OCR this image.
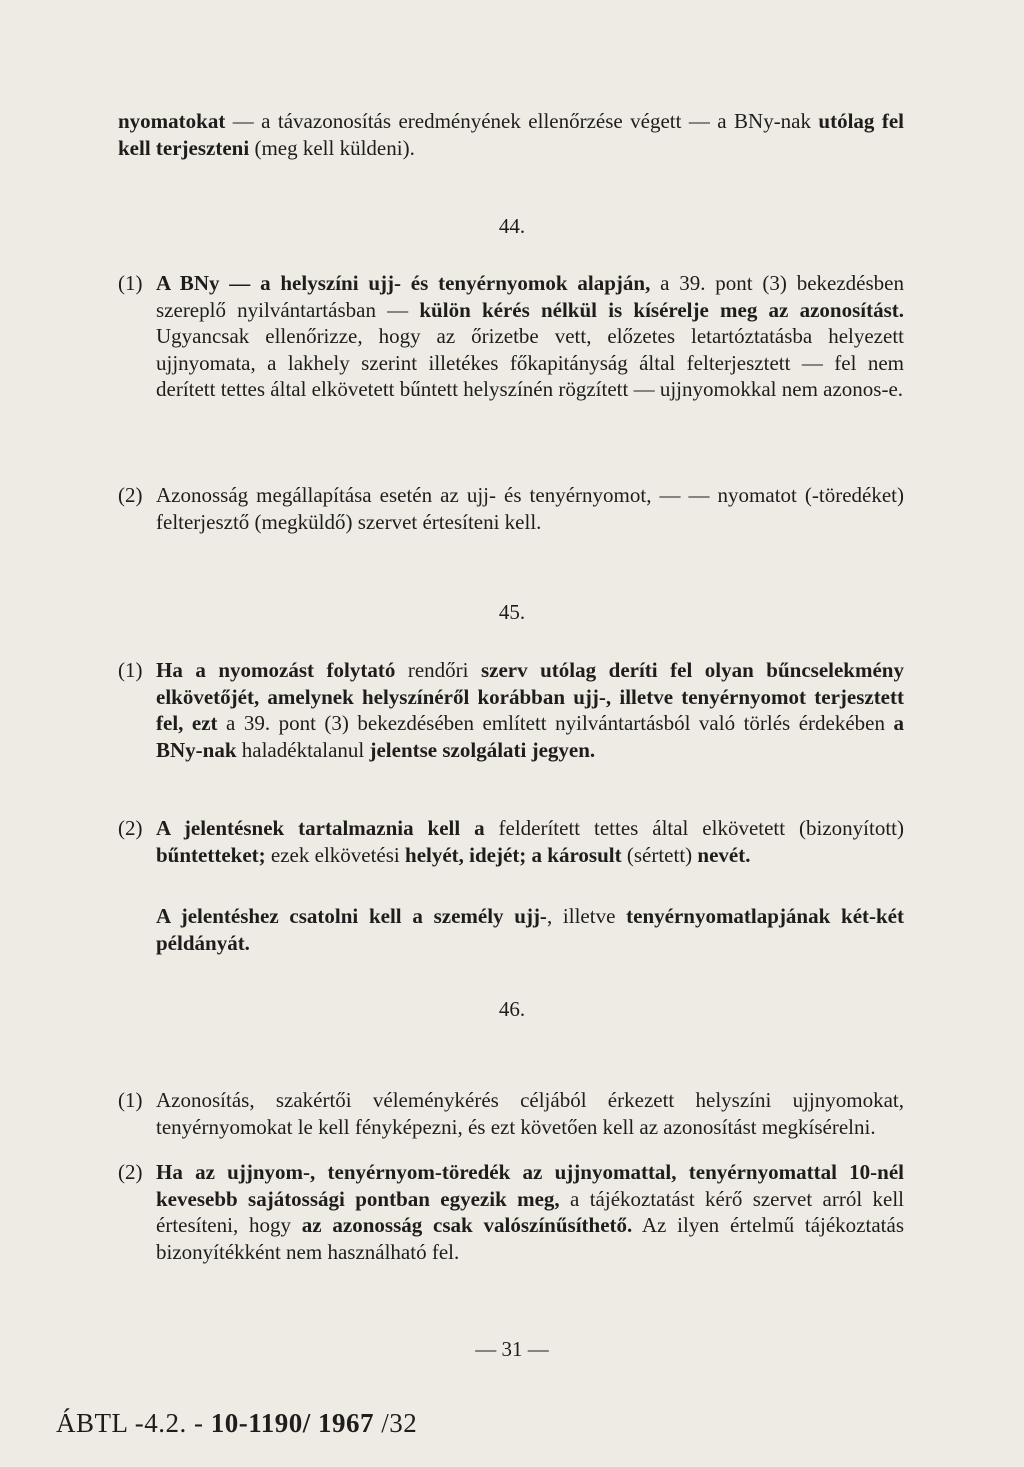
nyomatokat — a távazonosítás eredményének ellenőrzése végett — a BNy-nak utólag fel kell terjeszteni (meg kell küldeni).
44.
(1) A BNy — a helyszíni ujj- és tenyérnyomok alapján, a 39. pont (3) bekezdésben szereplő nyilvántartásban — külön kérés nélkül is kísérelje meg az azonosítást. Ugyancsak ellenőrizze, hogy az őrizetbe vett, előzetes letartóztatásba helyezett ujjnyomata, a lakhely szerint illetékes főkapitányság által felterjesztett — fel nem derített tettes által elkövetett bűntett helyszínén rögzített — ujjnyomokkal nem azonos-e.
(2) Azonosság megállapítása esetén az ujj- és tenyérnyomot, — — nyomatot (-töredéket) felterjesztő (megküldő) szervet értesíteni kell.
45.
(1) Ha a nyomozást folytató rendőri szerv utólag deríti fel olyan bűncselekmény elkövetőjét, amelynek helyszínéről korábban ujj-, illetve tenyérnyomot terjesztett fel, ezt a 39. pont (3) bekezdésében említett nyilvántartásból való törlés érdekében a BNy-nak haladéktalanul jelentse szolgálati jegyen.
(2) A jelentésnek tartalmaznia kell a felderített tettes által elkövetett (bizonyított) bűntetteket; ezek elkövetési helyét, idejét; a károsult (sértett) nevét.
A jelentéshez csatolni kell a személy ujj-, illetve tenyérnyomatlapjának két-két példányát.
46.
(1) Azonosítás, szakértői véleménykérés céljából érkezett helyszíni ujjnyomokat, tenyérnyomokat le kell fényképezni, és ezt követően kell az azonosítást megkísérelni.
(2) Ha az ujjnyom-, tenyérnyom-töredék az ujjnyomattal, tenyérnyomattal 10-nél kevesebb sajátossági pontban egyezik meg, a tájékoztatást kérő szervet arról kell értesíteni, hogy az azonosság csak valószínűsíthető. Az ilyen értelmű tájékoztatás bizonyítékként nem használható fel.
— 31 —
ÁBTL -4.2. - 10-1190/ 1967 /32
